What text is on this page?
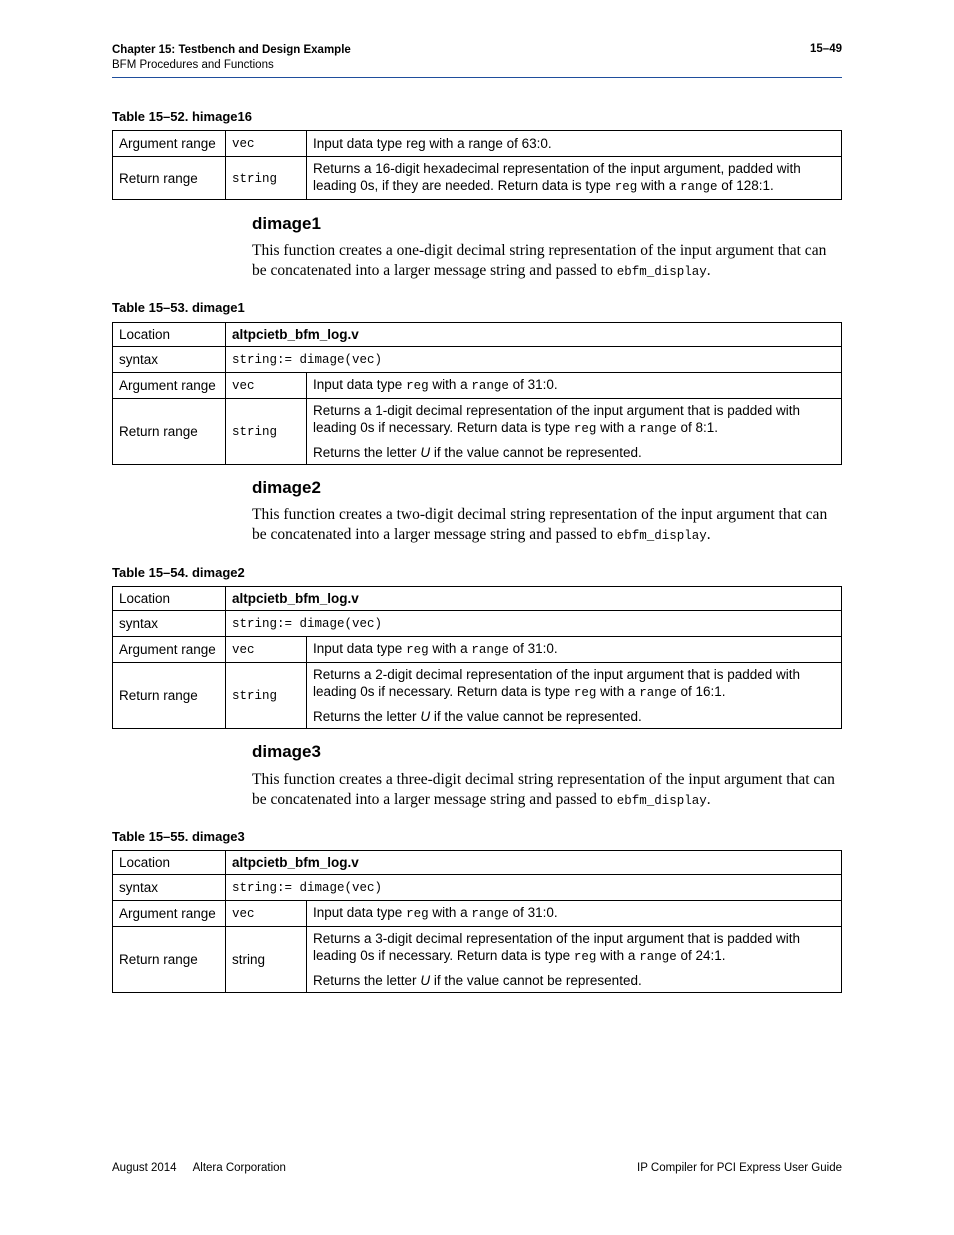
Chapter 15: Testbench and Design Example
BFM Procedures and Functions
15–49
Table 15–52. himage16
Argument range	vec	Input data type reg with a range of 63:0.
Return range	string	Returns a 16-digit hexadecimal representation of the input argument, padded with leading 0s, if they are needed. Return data is type reg with a range of 128:1.
dimage1
This function creates a one-digit decimal string representation of the input argument that can be concatenated into a larger message string and passed to ebfm_display.
Table 15–53. dimage1
Location	altpcietb_bfm_log.v	
syntax	string:= dimage(vec)	
Argument range	vec	Input data type reg with a range of 31:0.
Return range	string	Returns a 1-digit decimal representation of the input argument that is padded with leading 0s if necessary. Return data is type reg with a range of 8:1.
Returns the letter U if the value cannot be represented.
dimage2
This function creates a two-digit decimal string representation of the input argument that can be concatenated into a larger message string and passed to ebfm_display.
Table 15–54. dimage2
Location	altpcietb_bfm_log.v	
syntax	string:= dimage(vec)	
Argument range	vec	Input data type reg with a range of 31:0.
Return range	string	Returns a 2-digit decimal representation of the input argument that is padded with leading 0s if necessary. Return data is type reg with a range of 16:1.
Returns the letter U if the value cannot be represented.
dimage3
This function creates a three-digit decimal string representation of the input argument that can be concatenated into a larger message string and passed to ebfm_display.
Table 15–55. dimage3
Location	altpcietb_bfm_log.v	
syntax	string:= dimage(vec)	
Argument range	vec	Input data type reg with a range of 31:0.
Return range	string	Returns a 3-digit decimal representation of the input argument that is padded with leading 0s if necessary. Return data is type reg with a range of 24:1.
Returns the letter U if the value cannot be represented.
August 2014 Altera Corporation	IP Compiler for PCI Express User Guide
